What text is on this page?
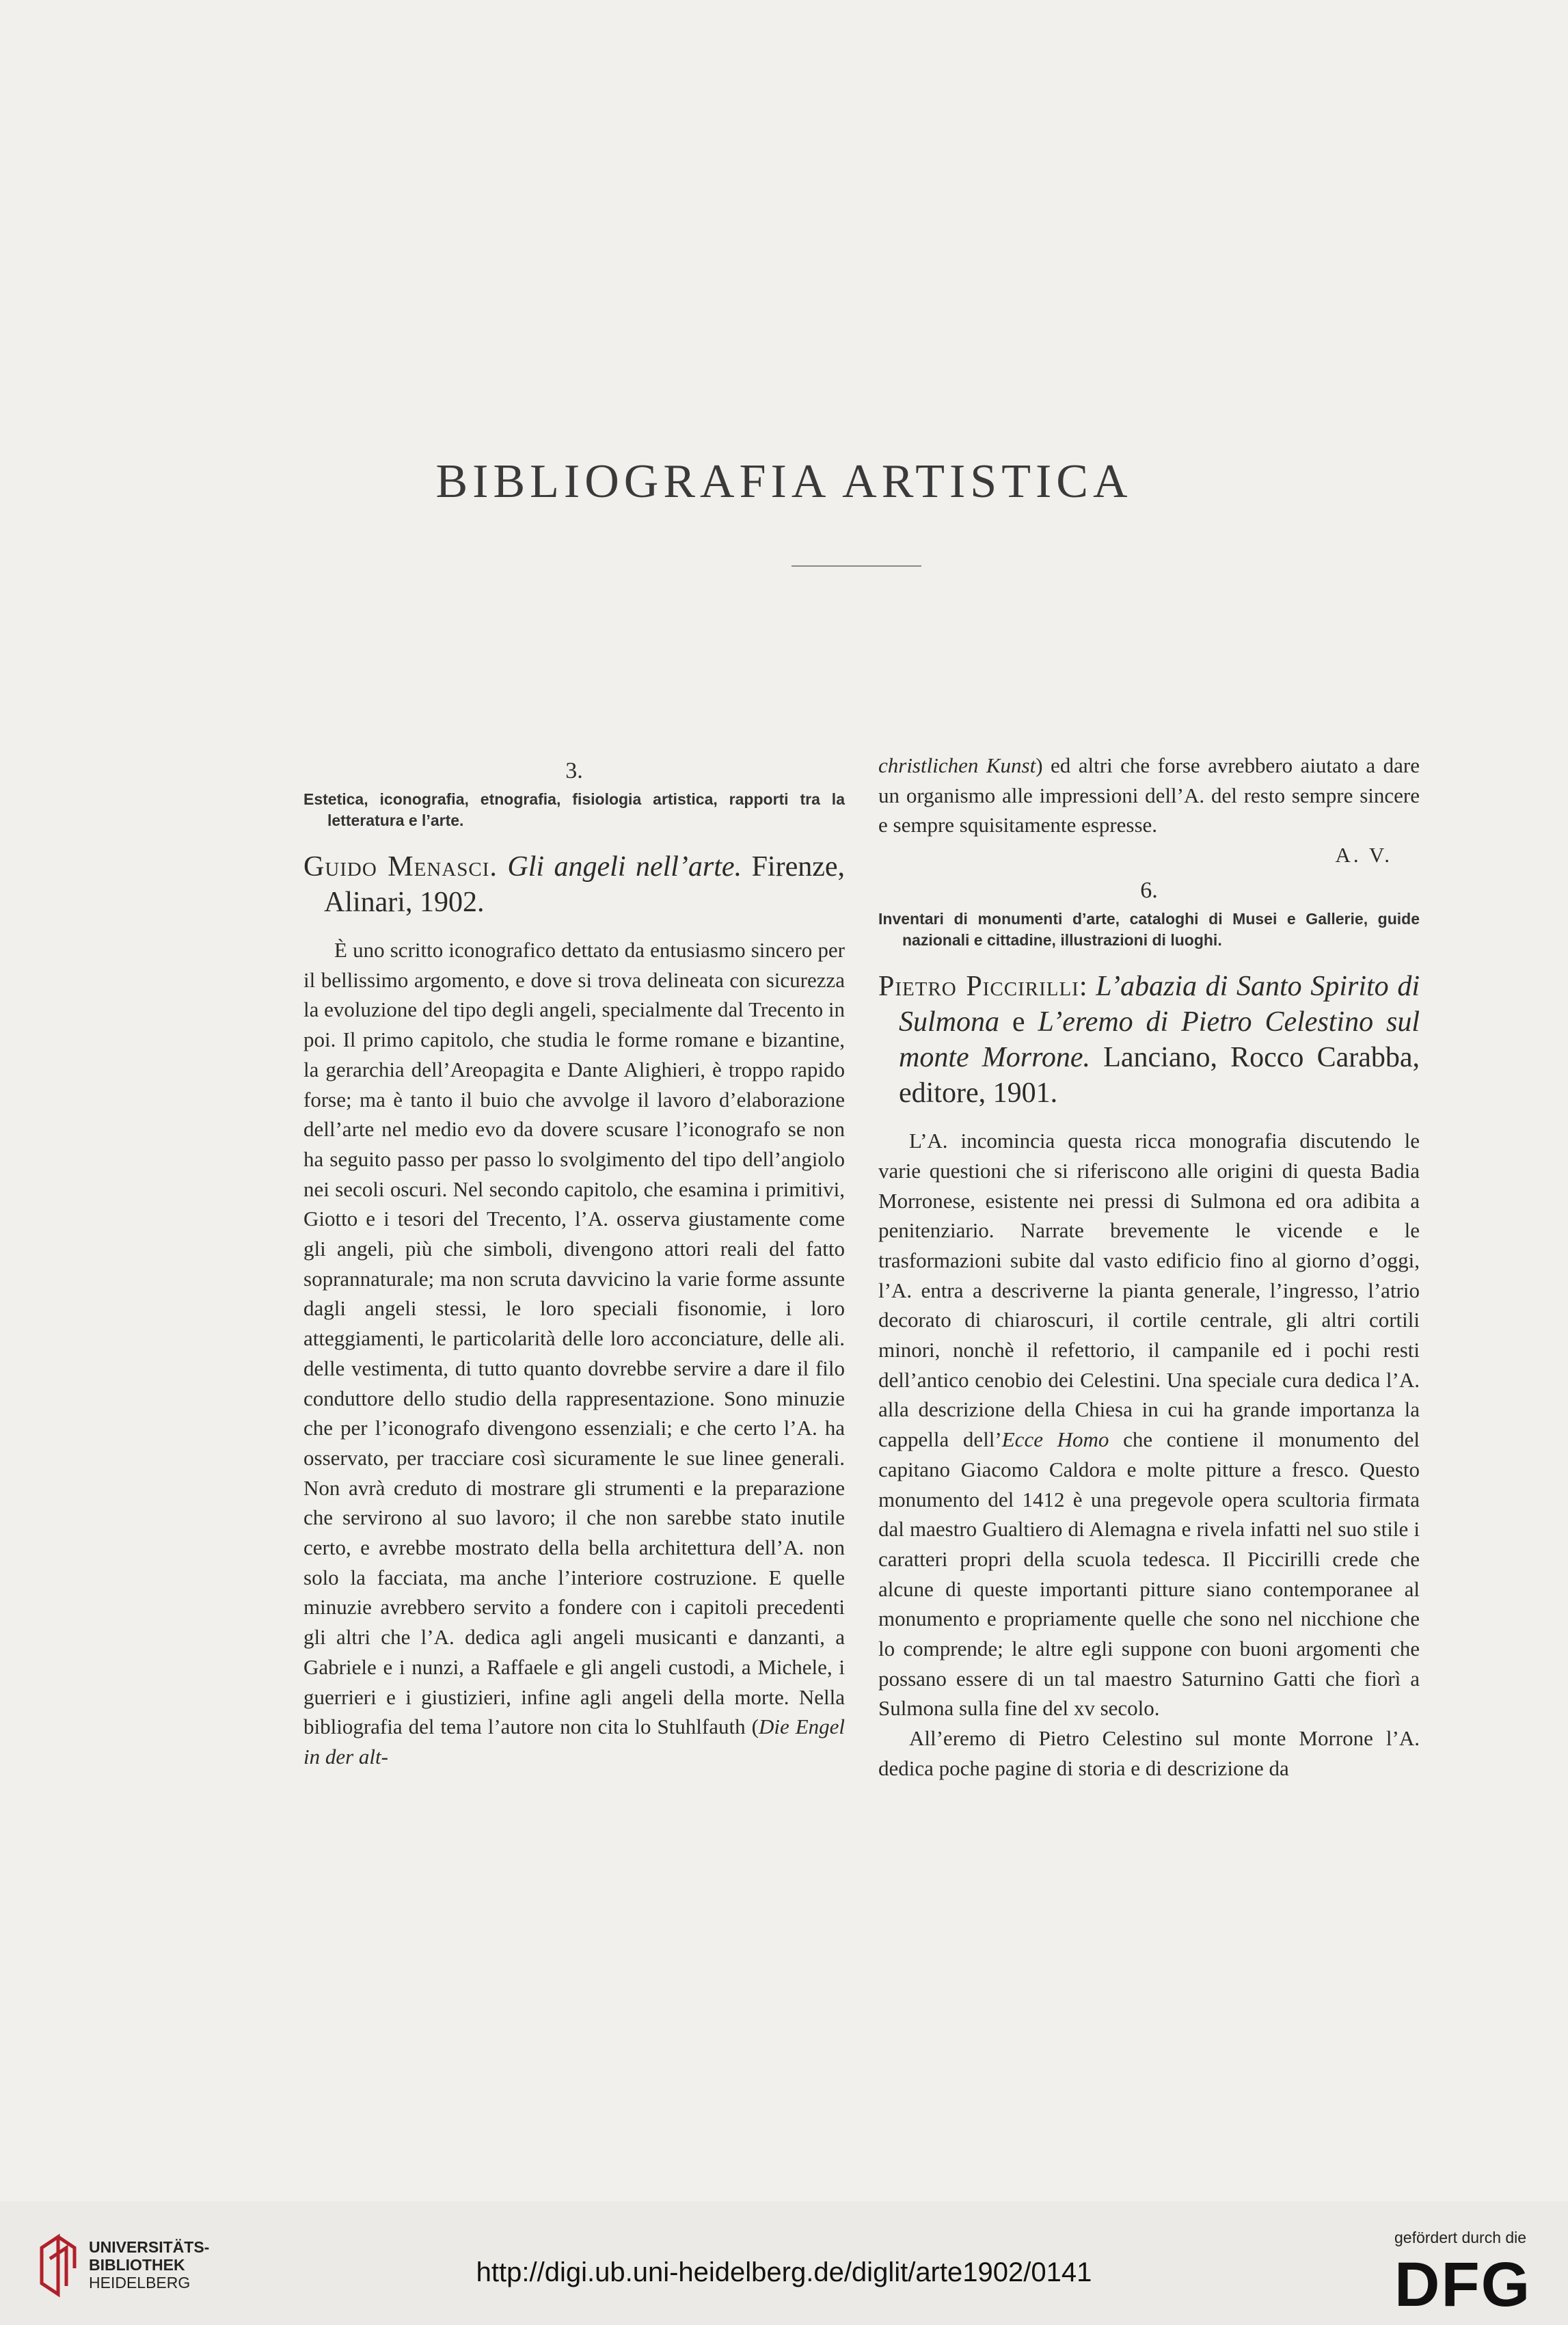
BIBLIOGRAFIA ARTISTICA
3.
Estetica, iconografia, etnografia, fisiologia artistica, rapporti tra la letteratura e l’arte.
Guido Menasci. Gli angeli nell’arte. Firenze, Alinari, 1902.

È uno scritto iconografico dettato da entusiasmo sincero per il bellissimo argomento, e dove si trova delineata con sicurezza la evoluzione del tipo degli angeli, specialmente dal Trecento in poi. Il primo capitolo, che studia le forme romane e bizantine, la gerarchia dell’Areopagita e Dante Alighieri, è troppo rapido forse; ma è tanto il buio che avvolge il lavoro d’elaborazione dell’arte nel medio evo da dovere scusare l’iconografo se non ha seguito passo per passo lo svolgimento del tipo dell’angiolo nei secoli oscuri. Nel secondo capitolo, che esamina i primitivi, Giotto e i tesori del Trecento, l’A. osserva giustamente come gli angeli, più che simboli, divengono attori reali del fatto soprannaturale; ma non scruta davvicino la varie forme assunte dagli angeli stessi, le loro speciali fisonomie, i loro atteggiamenti, le particolarità delle loro acconciature, delle ali. delle vestimenta, di tutto quanto dovrebbe servire a dare il filo conduttore dello studio della rappresentazione. Sono minuzie che per l’iconografo divengono essenziali; e che certo l’A. ha osservato, per tracciare così sicuramente le sue linee generali. Non avrà creduto di mostrare gli strumenti e la preparazione che servirono al suo lavoro; il che non sarebbe stato inutile certo, e avrebbe mostrato della bella architettura dell’A. non solo la facciata, ma anche l’interiore costruzione. E quelle minuzie avrebbero servito a fondere con i capitoli precedenti gli altri che l’A. dedica agli angeli musicanti e danzanti, a Gabriele e i nunzi, a Raffaele e gli angeli custodi, a Michele, i guerrieri e i giustizieri, infine agli angeli della morte. Nella bibliografia del tema l’autore non cita lo Stuhlfauth (Die Engel in der alt-

christlichen Kunst) ed altri che forse avrebbero aiutato a dare un organismo alle impressioni dell’A. del resto sempre sincere e sempre squisitamente espresse.

A. V.
6.
Inventari di monumenti d’arte, cataloghi di Musei e Gallerie, guide nazionali e cittadine, illustrazioni di luoghi.
Pietro Piccirilli: L’abazia di Santo Spirito di Sulmona e L’eremo di Pietro Celestino sul monte Morrone. Lanciano, Rocco Carabba, editore, 1901.

L’A. incomincia questa ricca monografia discutendo le varie questioni che si riferiscono alle origini di questa Badia Morronese, esistente nei pressi di Sulmona ed ora adibita a penitenziario. Narrate brevemente le vicende e le trasformazioni subite dal vasto edificio fino al giorno d’oggi, l’A. entra a descriverne la pianta generale, l’ingresso, l’atrio decorato di chiaroscuri, il cortile centrale, gli altri cortili minori, nonchè il refettorio, il campanile ed i pochi resti dell’antico cenobio dei Celestini. Una speciale cura dedica l’A. alla descrizione della Chiesa in cui ha grande importanza la cappella dell’Ecce Homo che contiene il monumento del capitano Giacomo Caldora e molte pitture a fresco. Questo monumento del 1412 è una pregevole opera scultoria firmata dal maestro Gualtiero di Alemagna e rivela infatti nel suo stile i caratteri propri della scuola tedesca. Il Piccirilli crede che alcune di queste importanti pitture siano contemporanee al monumento e propriamente quelle che sono nel nicchione che lo comprende; le altre egli suppone con buoni argomenti che possano essere di un tal maestro Saturnino Gatti che fiorì a Sulmona sulla fine del xv secolo.

All’eremo di Pietro Celestino sul monte Morrone l’A. dedica poche pagine di storia e di descrizione da

UNIVERSITÄTS-
BIBLIOTHEK
HEIDELBERG	http://digi.ub.uni-heidelberg.de/diglit/arte1902/0141
gefördert durch die
DFG
